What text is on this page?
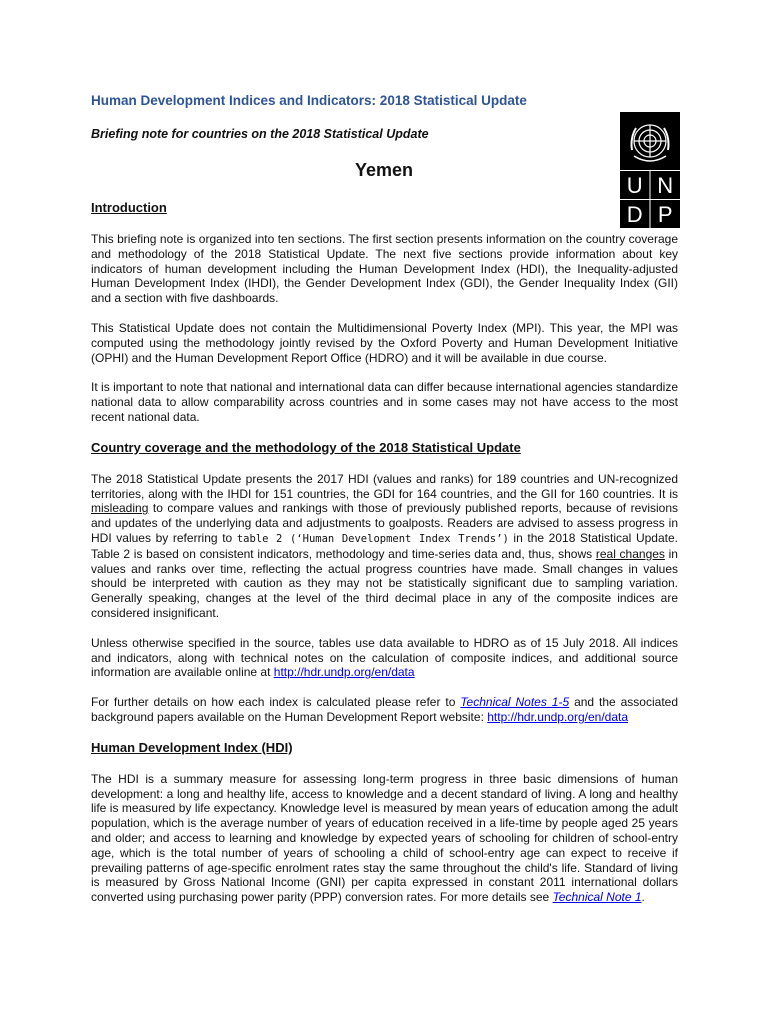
Human Development Indices and Indicators: 2018 Statistical Update
Briefing note for countries on the 2018 Statistical Update
Yemen
U N
D P
Introduction

This briefing note is organized into ten sections. The first section presents information on the country coverage and methodology of the 2018 Statistical Update. The next five sections provide information about key indicators of human development including the Human Development Index (HDI), the Inequality-adjusted Human Development Index (IHDI), the Gender Development Index (GDI), the Gender Inequality Index (GII) and a section with five dashboards.

This Statistical Update does not contain the Multidimensional Poverty Index (MPI). This year, the MPI was computed using the methodology jointly revised by the Oxford Poverty and Human Development Initiative (OPHI) and the Human Development Report Office (HDRO) and it will be available in due course.

It is important to note that national and international data can differ because international agencies standardize national data to allow comparability across countries and in some cases may not have access to the most recent national data.

Country coverage and the methodology of the 2018 Statistical Update

The 2018 Statistical Update presents the 2017 HDI (values and ranks) for 189 countries and UN-recognized territories, along with the IHDI for 151 countries, the GDI for 164 countries, and the GII for 160 countries. It is misleading to compare values and rankings with those of previously published reports, because of revisions and updates of the underlying data and adjustments to goalposts. Readers are advised to assess progress in HDI values by referring to table 2 (‘Human Development Index Trends’) in the 2018 Statistical Update. Table 2 is based on consistent indicators, methodology and time-series data and, thus, shows real changes in values and ranks over time, reflecting the actual progress countries have made. Small changes in values should be interpreted with caution as they may not be statistically significant due to sampling variation. Generally speaking, changes at the level of the third decimal place in any of the composite indices are considered insignificant.

Unless otherwise specified in the source, tables use data available to HDRO as of 15 July 2018. All indices and indicators, along with technical notes on the calculation of composite indices, and additional source information are available online at http://hdr.undp.org/en/data

For further details on how each index is calculated please refer to Technical Notes 1-5 and the associated background papers available on the Human Development Report website: http://hdr.undp.org/en/data

Human Development Index (HDI)

The HDI is a summary measure for assessing long-term progress in three basic dimensions of human development: a long and healthy life, access to knowledge and a decent standard of living. A long and healthy life is measured by life expectancy. Knowledge level is measured by mean years of education among the adult population, which is the average number of years of education received in a life-time by people aged 25 years and older; and access to learning and knowledge by expected years of schooling for children of school-entry age, which is the total number of years of schooling a child of school-entry age can expect to receive if prevailing patterns of age-specific enrolment rates stay the same throughout the child's life. Standard of living is measured by Gross National Income (GNI) per capita expressed in constant 2011 international dollars converted using purchasing power parity (PPP) conversion rates. For more details see Technical Note 1.
